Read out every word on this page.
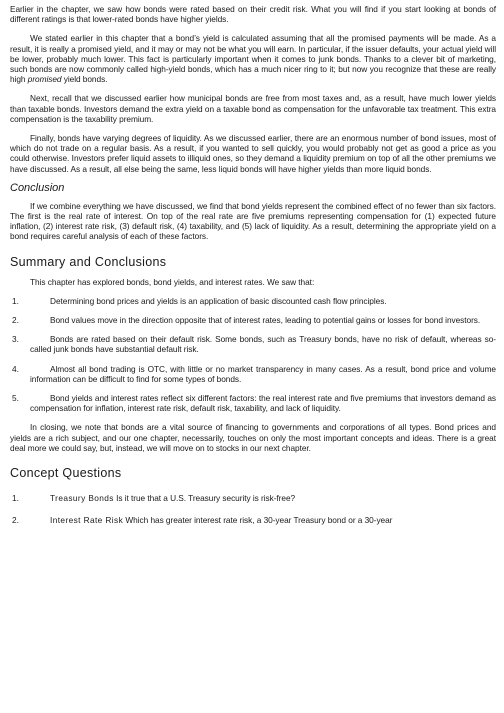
Earlier in the chapter, we saw how bonds were rated based on their credit risk. What you will find if you start looking at bonds of different ratings is that lower-rated bonds have higher yields.

We stated earlier in this chapter that a bond’s yield is calculated assuming that all the promised payments will be made. As a result, it is really a promised yield, and it may or may not be what you will earn. In particular, if the issuer defaults, your actual yield will be lower, probably much lower. This fact is particularly important when it comes to junk bonds. Thanks to a clever bit of marketing, such bonds are now commonly called high-yield bonds, which has a much nicer ring to it; but now you recognize that these are really high promised yield bonds.

Next, recall that we discussed earlier how municipal bonds are free from most taxes and, as a result, have much lower yields than taxable bonds. Investors demand the extra yield on a taxable bond as compensation for the unfavorable tax treatment. This extra compensation is the taxability premium.

Finally, bonds have varying degrees of liquidity. As we discussed earlier, there are an enormous number of bond issues, most of which do not trade on a regular basis. As a result, if you wanted to sell quickly, you would probably not get as good a price as you could otherwise. Investors prefer liquid assets to illiquid ones, so they demand a liquidity premium on top of all the other premiums we have discussed. As a result, all else being the same, less liquid bonds will have higher yields than more liquid bonds.

Conclusion

If we combine everything we have discussed, we find that bond yields represent the combined effect of no fewer than six factors. The first is the real rate of interest. On top of the real rate are five premiums representing compensation for (1) expected future inflation, (2) interest rate risk, (3) default risk, (4) taxability, and (5) lack of liquidity. As a result, determining the appropriate yield on a bond requires careful analysis of each of these factors.

Summary and Conclusions

This chapter has explored bonds, bond yields, and interest rates. We saw that:

1.	Determining bond prices and yields is an application of basic discounted cash flow principles.

2.	Bond values move in the direction opposite that of interest rates, leading to potential gains or losses for bond investors.

3.	Bonds are rated based on their default risk. Some bonds, such as Treasury bonds, have no risk of default, whereas so-called junk bonds have substantial default risk.

4.	Almost all bond trading is OTC, with little or no market transparency in many cases. As a result, bond price and volume information can be difficult to find for some types of bonds.

5.	Bond yields and interest rates reflect six different factors: the real interest rate and five premiums that investors demand as compensation for inflation, interest rate risk, default risk, taxability, and lack of liquidity.

In closing, we note that bonds are a vital source of financing to governments and corporations of all types. Bond prices and yields are a rich subject, and our one chapter, necessarily, touches on only the most important concepts and ideas. There is a great deal more we could say, but, instead, we will move on to stocks in our next chapter.

Concept Questions
1.	Treasury Bonds Is it true that a U.S. Treasury security is risk-free?

2.	Interest Rate Risk Which has greater interest rate risk, a 30-year Treasury bond or a 30-year
